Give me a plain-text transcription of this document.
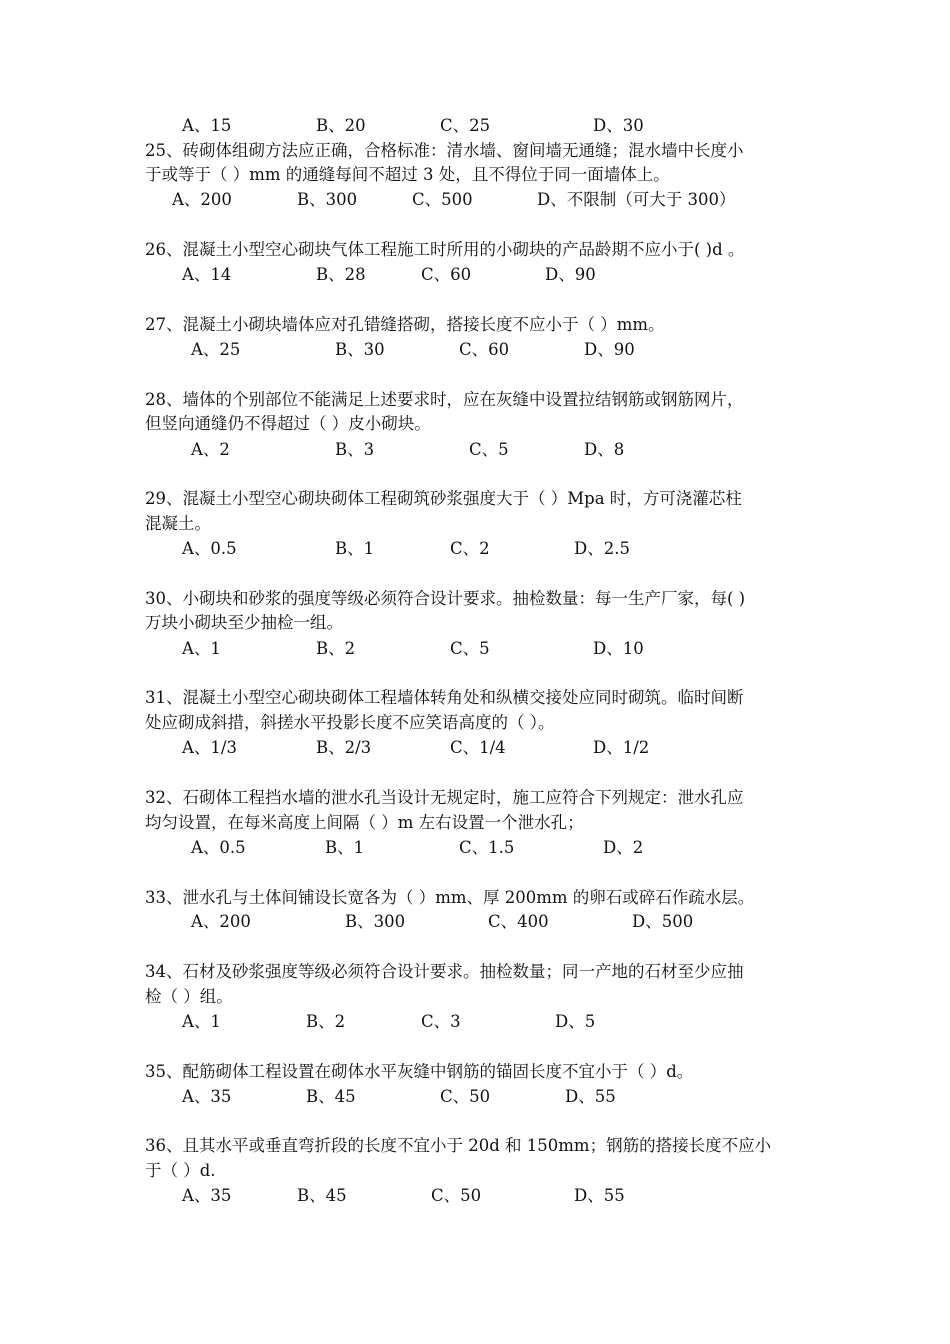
A、15	B、20	C、25	D、30
25、砖砌体组砌方法应正确，合格标准：清水墙、窗间墙无通缝；混水墙中长度小
于或等于（ ）mm 的通缝每间不超过 3 处，且不得位于同一面墙体上。
A、200	B、300	C、500	D、不限制（可大于 300）
26、混凝土小型空心砌块气体工程施工时所用的小砌块的产品龄期不应小于( )d 。
A、14	B、28	C、60	D、90
27、混凝土小砌块墙体应对孔错缝搭砌，搭接长度不应小于（ ）mm。
A、25	B、30	C、60	D、90
28、墙体的个别部位不能满足上述要求时，应在灰缝中设置拉结钢筋或钢筋网片，
但竖向通缝仍不得超过（ ）皮小砌块。
A、2	B、3	C、5	D、8
29、混凝土小型空心砌块砌体工程砌筑砂浆强度大于（ ）Mpa 时，方可浇灌芯柱
混凝土。
A、0.5	B、1	C、2	D、2.5
30、小砌块和砂浆的强度等级必须符合设计要求。抽检数量：每一生产厂家，每( )
万块小砌块至少抽检一组。
A、1	B、2	C、5	D、10
31、混凝土小型空心砌块砌体工程墙体转角处和纵横交接处应同时砌筑。临时间断
处应砌成斜措，斜搓水平投影长度不应笑语高度的（ ）。
A、1/3	B、2/3	C、1/4	D、1/2
32、石砌体工程挡水墙的泄水孔当设计无规定时，施工应符合下列规定：泄水孔应
均匀设置，在每米高度上间隔（ ）m 左右设置一个泄水孔；
A、0.5	B、1	C、1.5	D、2
33、泄水孔与土体间铺设长宽各为（ ）mm、厚 200mm 的卵石或碎石作疏水层。
A、200	B、300	C、400	D、500
34、石材及砂浆强度等级必须符合设计要求。抽检数量；同一产地的石材至少应抽
检（ ）组。
A、1	B、2	C、3	D、5
35、配筋砌体工程设置在砌体水平灰缝中钢筋的锚固长度不宜小于（ ）d。
A、35	B、45	C、50	D、55
36、且其水平或垂直弯折段的长度不宜小于 20d 和 150mm；钢筋的搭接长度不应小
于（ ）d.
A、35	B、45	C、50	D、55
